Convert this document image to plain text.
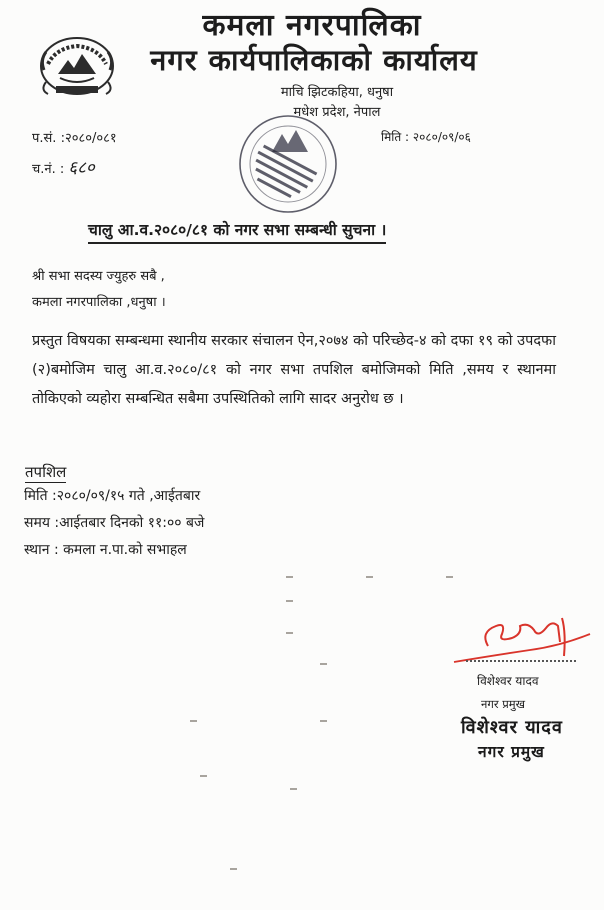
कमला नगरपालिका
नगर कार्यपालिकाको कार्यालय
माचि झिटकहिया, धनुषा
मधेश प्रदेश, नेपाल
प.सं. :२०८०/०८१
च.नं. : ६८०
मिति : २०८०/०९/०६
चालु आ.व.२०८०/८१ को नगर सभा सम्बन्धी सुचना ।
श्री सभा सदस्य ज्युहरु सबै ,
कमला नगरपालिका ,धनुषा ।
प्रस्तुत विषयका सम्बन्धमा स्थानीय सरकार संचालन ऐन,२०७४ को परिच्छेद-४ को दफा १९ को उपदफा (२)बमोजिम चालु आ.व.२०८०/८१ को नगर सभा तपशिल बमोजिमको मिति ,समय र स्थानमा तोकिएको व्यहोरा सम्बन्धित सबैमा उपस्थितिको लागि सादर अनुरोध छ ।
तपशिल
मिति :२०८०/०९/१५ गते ,आईतबार
समय :आईतबार दिनको ११:०० बजे
स्थान : कमला न.पा.को सभाहल
विशेश्वर यादव
नगर प्रमुख
विशेश्वर यादव
नगर प्रमुख
